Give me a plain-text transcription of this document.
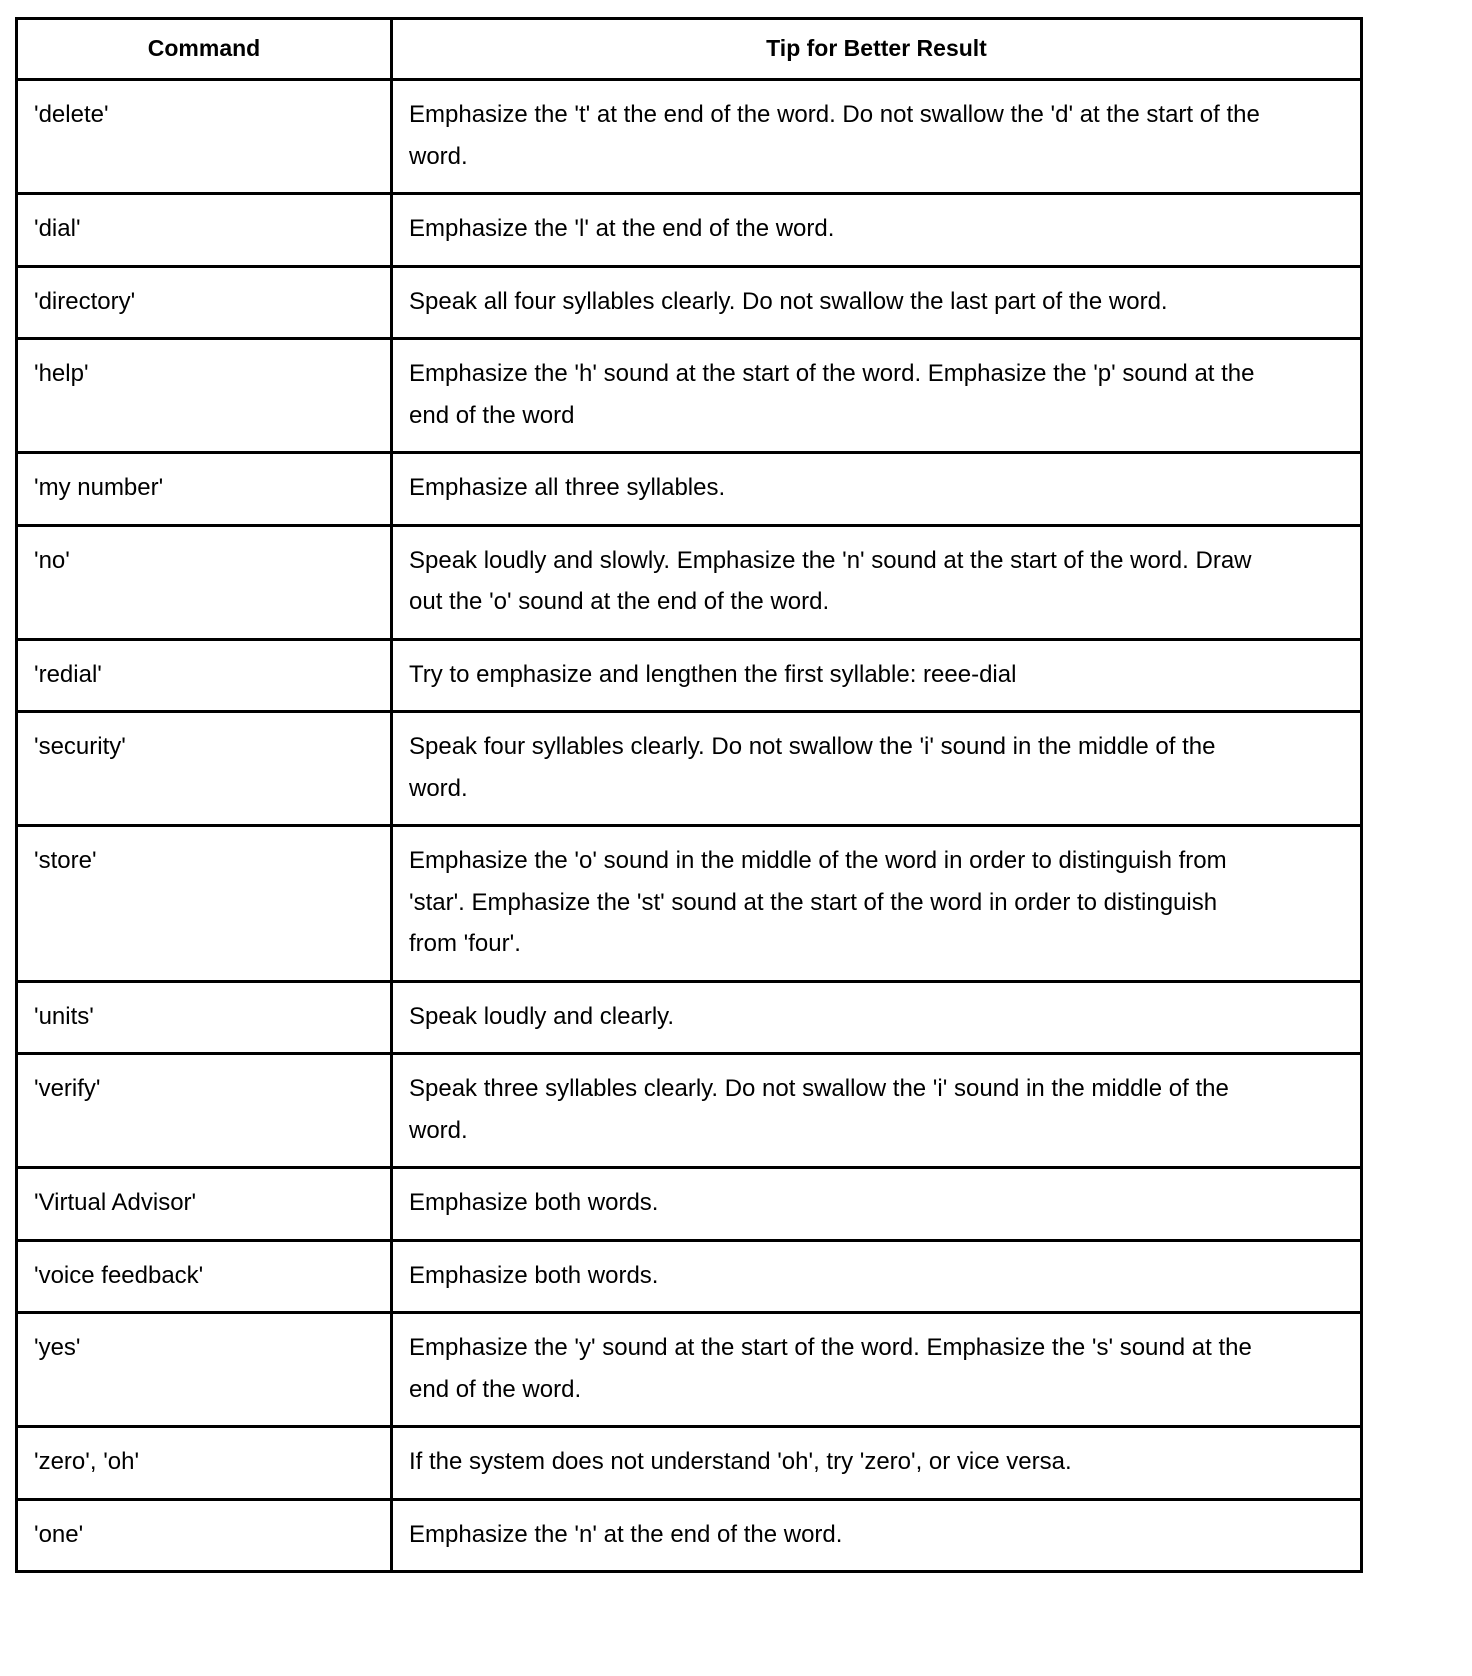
Command	Tip for Better Result
'delete'	Emphasize the 't' at the end of the word. Do not swallow the 'd' at the start of the word.
'dial'	Emphasize the 'l' at the end of the word.
'directory'	Speak all four syllables clearly. Do not swallow the last part of the word.
'help'	Emphasize the 'h' sound at the start of the word. Emphasize the 'p' sound at the end of the word
'my number'	Emphasize all three syllables.
'no'	Speak loudly and slowly. Emphasize the 'n' sound at the start of the word. Draw out the 'o' sound at the end of the word.
'redial'	Try to emphasize and lengthen the first syllable: reee-dial
'security'	Speak four syllables clearly. Do not swallow the 'i' sound in the middle of the word.
'store'	Emphasize the 'o' sound in the middle of the word in order to distinguish from 'star'. Emphasize the 'st' sound at the start of the word in order to distinguish from 'four'.
'units'	Speak loudly and clearly.
'verify'	Speak three syllables clearly. Do not swallow the 'i' sound in the middle of the word.
'Virtual Advisor'	Emphasize both words.
'voice feedback'	Emphasize both words.
'yes'	Emphasize the 'y' sound at the start of the word. Emphasize the 's' sound at the end of the word.
'zero', 'oh'	If the system does not understand 'oh', try 'zero', or vice versa.
'one'	Emphasize the 'n' at the end of the word.
